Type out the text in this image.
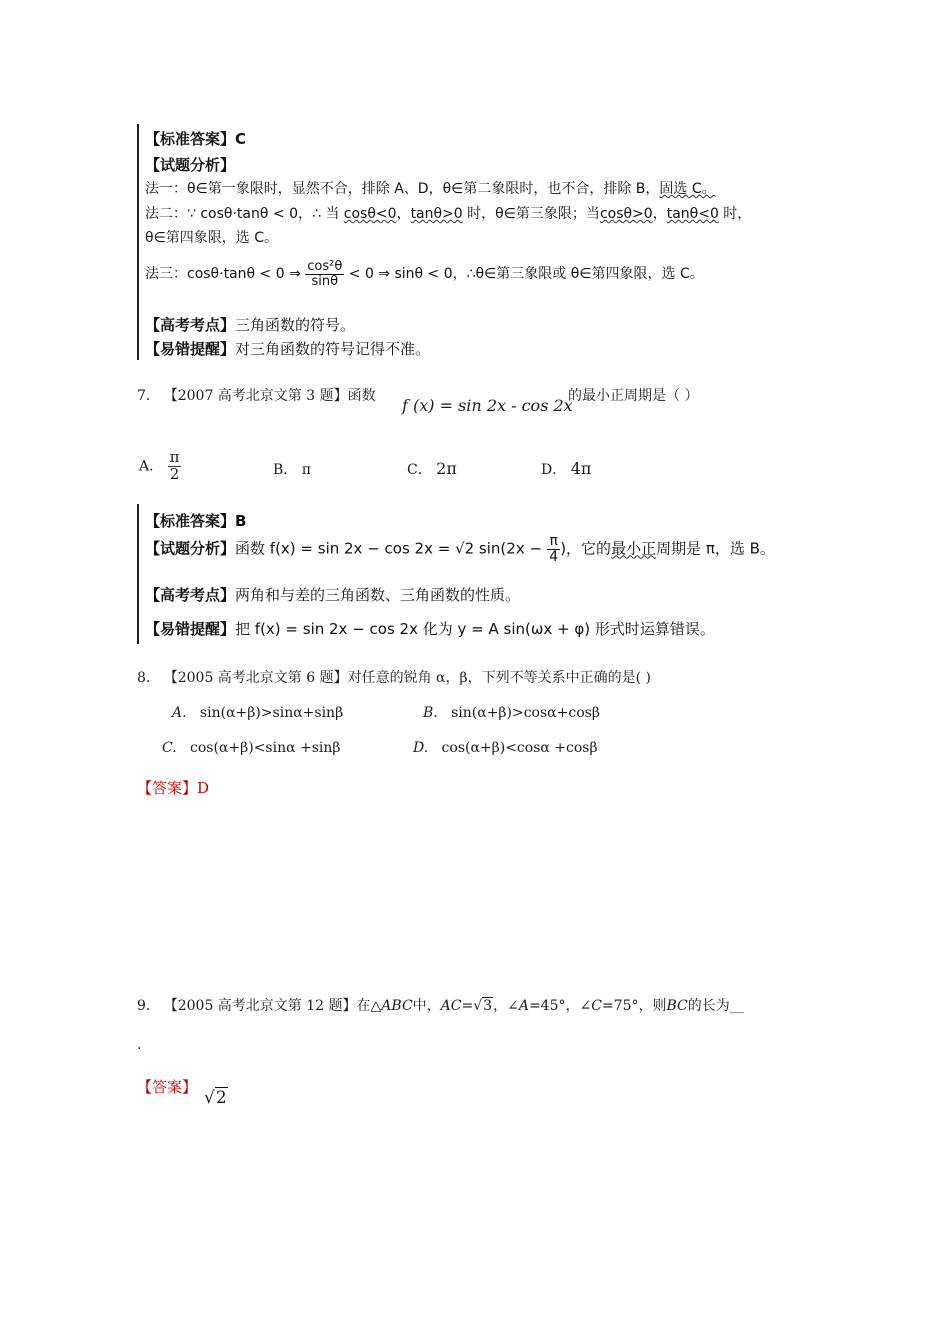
【标准答案】C
【试题分析】
法一：θ∈第一象限时，显然不合，排除 A、D，θ∈第二象限时，也不合，排除 B，固选 C。
法二：∵ cosθ⋅tanθ < 0，∴ 当 cosθ<0，tanθ>0 时，θ∈第三象限；当cosθ>0，tanθ<0 时，
θ∈第四象限，选 C。
法三：cosθ⋅tanθ < 0 ⇒ $\frac{\text{cos²θ}}{\sin\theta} < 0$ ⇒ sinθ < 0，∴θ∈第三象限或 θ∈第四象限，选 C。
【高考考点】三角函数的符号。
【易错提醒】对三角函数的符号记得不准。
7. 【2007 高考北京文第 3 题】函数 f (x) = sin 2x - cos 2x
的最小正周期是（ ）
A． $\frac{\pi}{2}$	B． π	C． 2π	D． 4π
【标准答案】B
【试题分析】函数 f(x) = sin 2x − cos 2x = √2 $\sin(2x - \frac{\pi}{4}$ )，它的最小正周期是 π，选 B。
【高考考点】两角和与差的三角函数、三角函数的性质。
【易错提醒】把 f(x) = sin 2x − cos 2x 化为 y = A sin(ωx + φ) 形式时运算错误。
8. 【2005 高考北京文第 6 题】对任意的锐角 α，β，下列不等关系中正确的是( )
A. sin(α+β)>sinα+sinβ	B. sin(α+β)>cosα+cosβ
C. cos(α+β)<sinα +sinβ	D. cos(α+β)<cosα +cosβ
【答案】D
9. 【2005 高考北京文第 12 题】在△ABC中，AC=√3，∠A=45°，∠C=75°，则BC的长为__
.
【答案】
√2
